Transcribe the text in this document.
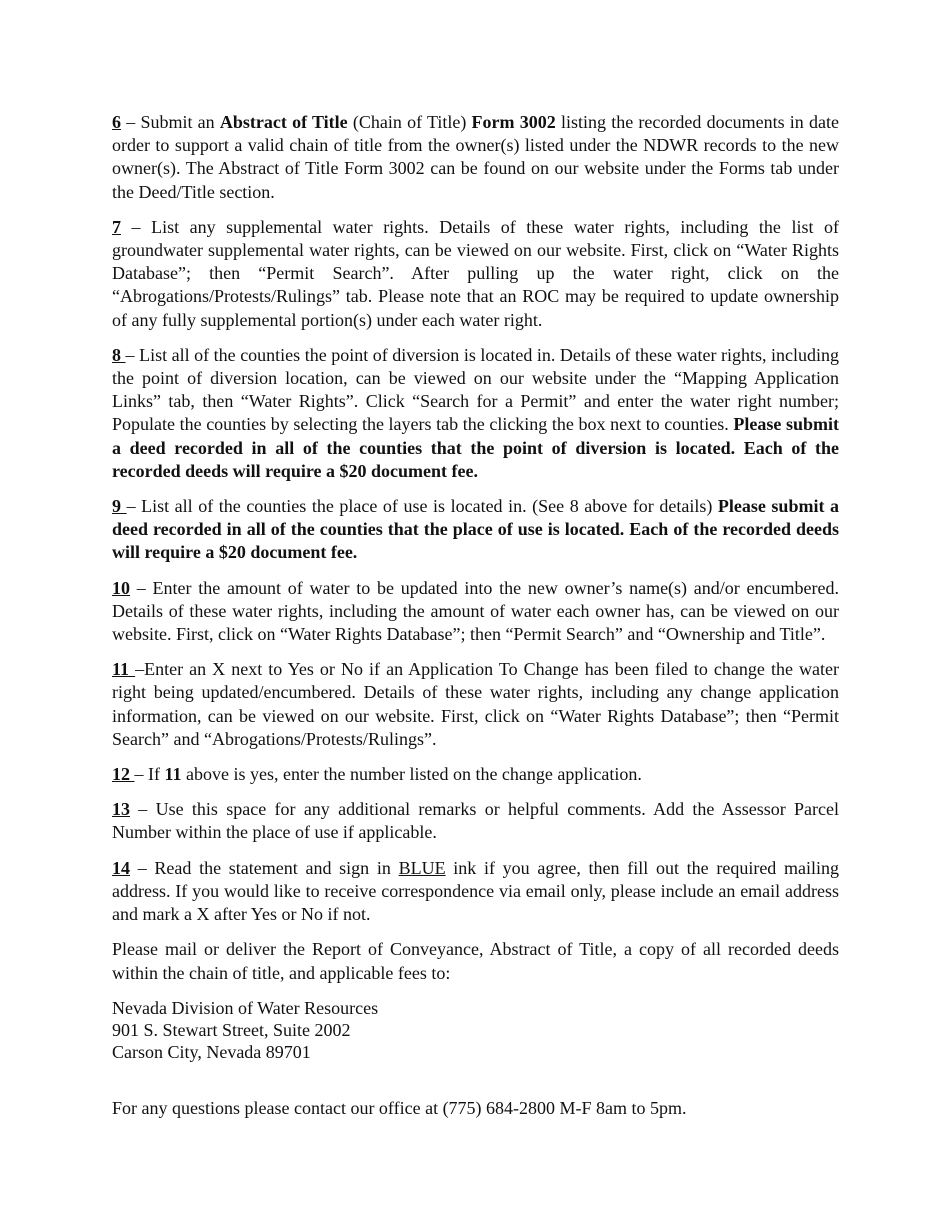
6 – Submit an Abstract of Title (Chain of Title) Form 3002 listing the recorded documents in date order to support a valid chain of title from the owner(s) listed under the NDWR records to the new owner(s). The Abstract of Title Form 3002 can be found on our website under the Forms tab under the Deed/Title section.

7 – List any supplemental water rights. Details of these water rights, including the list of groundwater supplemental water rights, can be viewed on our website. First, click on “Water Rights Database”; then “Permit Search”. After pulling up the water right, click on the “Abrogations/Protests/Rulings” tab. Please note that an ROC may be required to update ownership of any fully supplemental portion(s) under each water right.

8 – List all of the counties the point of diversion is located in. Details of these water rights, including the point of diversion location, can be viewed on our website under the “Mapping Application Links” tab, then “Water Rights”. Click “Search for a Permit” and enter the water right number; Populate the counties by selecting the layers tab the clicking the box next to counties. Please submit a deed recorded in all of the counties that the point of diversion is located. Each of the recorded deeds will require a $20 document fee.

9 – List all of the counties the place of use is located in. (See 8 above for details) Please submit a deed recorded in all of the counties that the place of use is located. Each of the recorded deeds will require a $20 document fee.

10 – Enter the amount of water to be updated into the new owner’s name(s) and/or encumbered. Details of these water rights, including the amount of water each owner has, can be viewed on our website. First, click on “Water Rights Database”; then “Permit Search” and “Ownership and Title”.

11 –Enter an X next to Yes or No if an Application To Change has been filed to change the water right being updated/encumbered. Details of these water rights, including any change application information, can be viewed on our website. First, click on “Water Rights Database”; then “Permit Search” and “Abrogations/Protests/Rulings”.

12 – If 11 above is yes, enter the number listed on the change application.

13 – Use this space for any additional remarks or helpful comments. Add the Assessor Parcel Number within the place of use if applicable.

14 – Read the statement and sign in BLUE ink if you agree, then fill out the required mailing address. If you would like to receive correspondence via email only, please include an email address and mark a X after Yes or No if not.

Please mail or deliver the Report of Conveyance, Abstract of Title, a copy of all recorded deeds within the chain of title, and applicable fees to:

Nevada Division of Water Resources
901 S. Stewart Street, Suite 2002
Carson City, Nevada 89701

For any questions please contact our office at (775) 684-2800 M-F 8am to 5pm.
